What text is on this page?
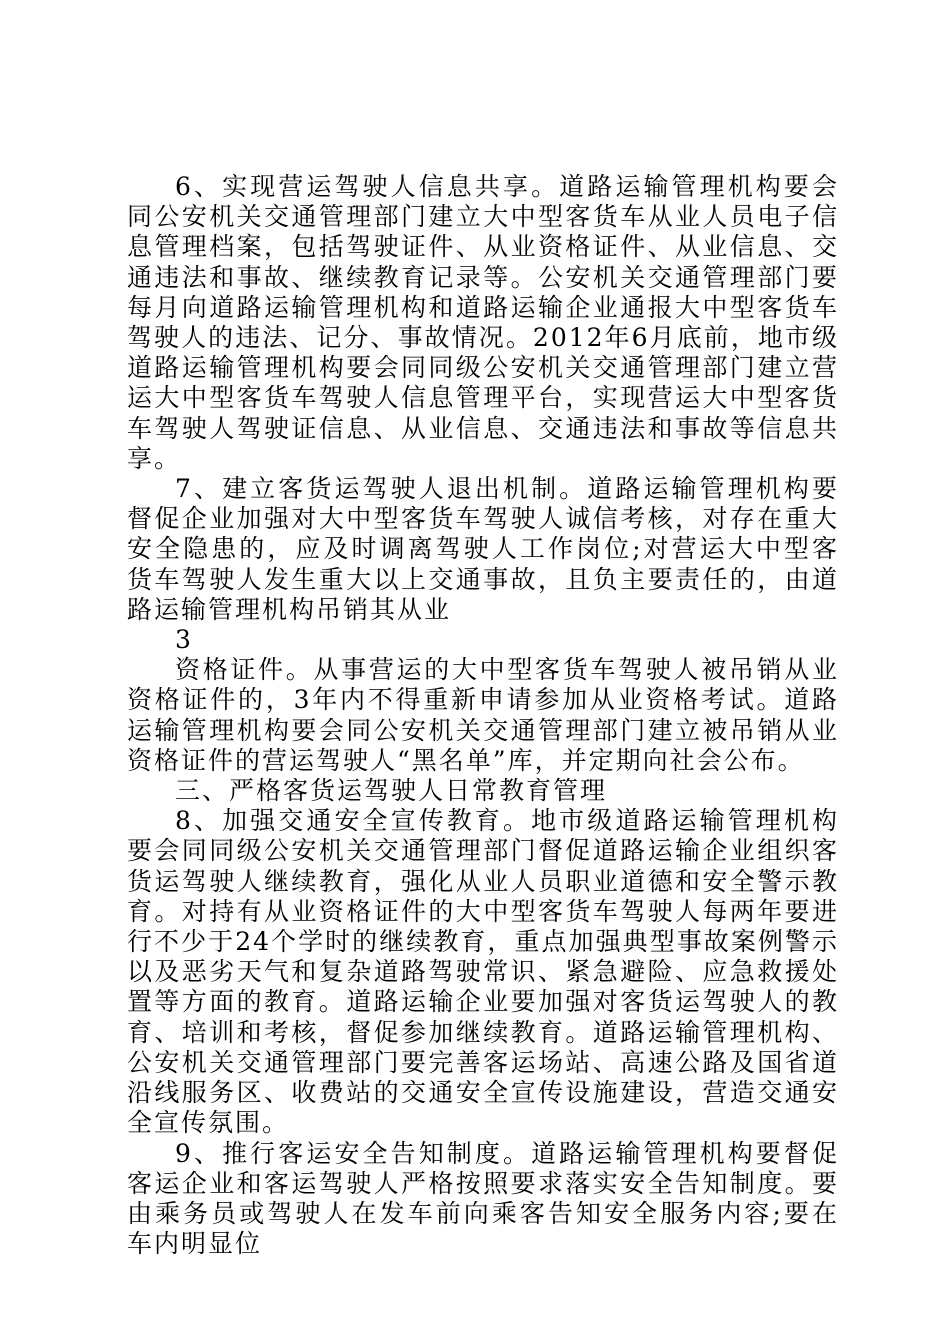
6、实现营运驾驶人信息共享。道路运输管理机构要会同公安机关交通管理部门建立大中型客货车从业人员电子信息管理档案，包括驾驶证件、从业资格证件、从业信息、交通违法和事故、继续教育记录等。公安机关交通管理部门要每月向道路运输管理机构和道路运输企业通报大中型客货车驾驶人的违法、记分、事故情况。2012年6月底前，地市级道路运输管理机构要会同同级公安机关交通管理部门建立营运大中型客货车驾驶人信息管理平台，实现营运大中型客货车驾驶人驾驶证信息、从业信息、交通违法和事故等信息共享。

7、建立客货运驾驶人退出机制。道路运输管理机构要督促企业加强对大中型客货车驾驶人诚信考核，对存在重大安全隐患的，应及时调离驾驶人工作岗位;对营运大中型客货车驾驶人发生重大以上交通事故，且负主要责任的，由道路运输管理机构吊销其从业

3

资格证件。从事营运的大中型客货车驾驶人被吊销从业资格证件的，3年内不得重新申请参加从业资格考试。道路运输管理机构要会同公安机关交通管理部门建立被吊销从业资格证件的营运驾驶人“黑名单”库，并定期向社会公布。

三、严格客货运驾驶人日常教育管理

8、加强交通安全宣传教育。地市级道路运输管理机构要会同同级公安机关交通管理部门督促道路运输企业组织客货运驾驶人继续教育，强化从业人员职业道德和安全警示教育。对持有从业资格证件的大中型客货车驾驶人每两年要进行不少于24个学时的继续教育，重点加强典型事故案例警示以及恶劣天气和复杂道路驾驶常识、紧急避险、应急救援处置等方面的教育。道路运输企业要加强对客货运驾驶人的教育、培训和考核，督促参加继续教育。道路运输管理机构、公安机关交通管理部门要完善客运场站、高速公路及国省道沿线服务区、收费站的交通安全宣传设施建设，营造交通安全宣传氛围。

9、推行客运安全告知制度。道路运输管理机构要督促客运企业和客运驾驶人严格按照要求落实安全告知制度。要由乘务员或驾驶人在发车前向乘客告知安全服务内容;要在车内明显位
